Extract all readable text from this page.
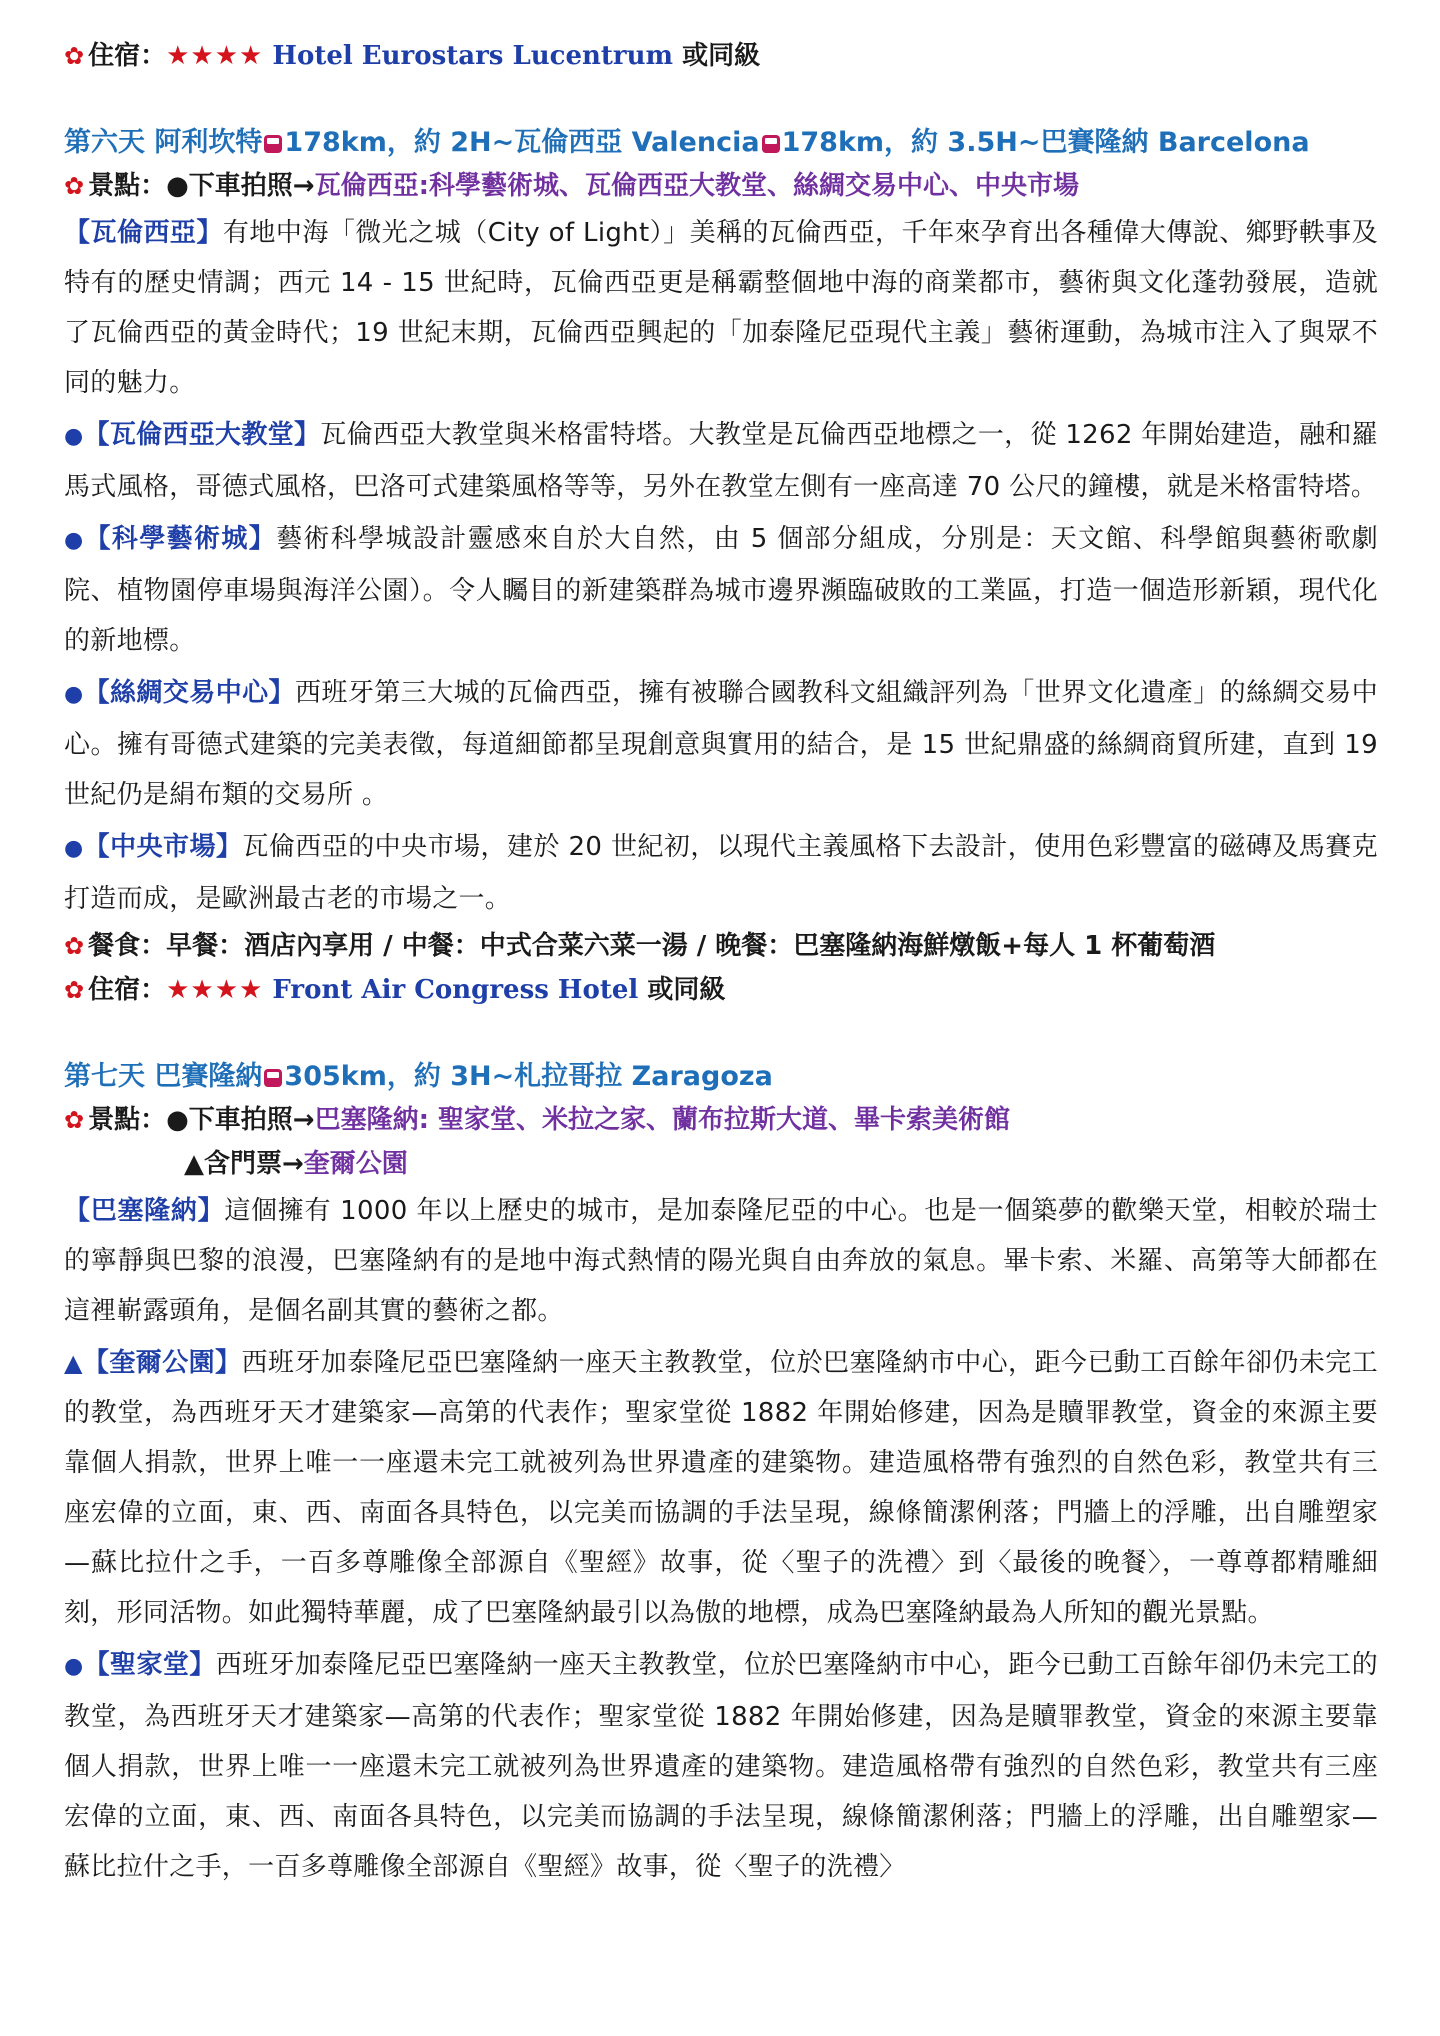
✿ 住宿：★★★★ Hotel Eurostars Lucentrum 或同級
第六天 阿利坎特 178km，約 2H~瓦倫西亞 Valencia 178km，約 3.5H~巴賽隆納 Barcelona
✿ 景點：●下車拍照→瓦倫西亞:科學藝術城、瓦倫西亞大教堂、絲綢交易中心、中央市場
【瓦倫西亞】有地中海「微光之城（City of Light）」美稱的瓦倫西亞，千年來孕育出各種偉大傳說、鄉野軼事及特有的歷史情調；西元 14 - 15 世紀時，瓦倫西亞更是稱霸整個地中海的商業都市，藝術與文化蓬勃發展，造就了瓦倫西亞的黃金時代；19 世紀末期，瓦倫西亞興起的「加泰隆尼亞現代主義」藝術運動，為城市注入了與眾不同的魅力。
●【瓦倫西亞大教堂】瓦倫西亞大教堂與米格雷特塔。大教堂是瓦倫西亞地標之一，從 1262 年開始建造，融和羅馬式風格，哥德式風格，巴洛可式建築風格等等，另外在教堂左側有一座高達 70 公尺的鐘樓，就是米格雷特塔。
●【科學藝術城】藝術科學城設計靈感來自於大自然，由 5 個部分組成，分別是：天文館、科學館與藝術歌劇院、植物園停車場與海洋公園）。令人矚目的新建築群為城市邊界瀕臨破敗的工業區，打造一個造形新穎，現代化的新地標。
●【絲綢交易中心】西班牙第三大城的瓦倫西亞，擁有被聯合國教科文組織評列為「世界文化遺產」的絲綢交易中心。擁有哥德式建築的完美表徵，每道細節都呈現創意與實用的結合，是 15 世紀鼎盛的絲綢商貿所建，直到 19 世紀仍是絹布類的交易所 。
●【中央市場】瓦倫西亞的中央市場，建於 20 世紀初，以現代主義風格下去設計，使用色彩豐富的磁磚及馬賽克打造而成，是歐洲最古老的市場之一。
✿ 餐食：早餐：酒店內享用 / 中餐：中式合菜六菜一湯 / 晚餐：巴塞隆納海鮮燉飯+每人 1 杯葡萄酒
✿ 住宿：★★★★ Front Air Congress Hotel 或同級
第七天 巴賽隆納 305km，約 3H~札拉哥拉 Zaragoza
✿ 景點：●下車拍照→巴塞隆納: 聖家堂、米拉之家、蘭布拉斯大道、畢卡索美術館
▲含門票→奎爾公園
【巴塞隆納】這個擁有 1000 年以上歷史的城市，是加泰隆尼亞的中心。也是一個築夢的歡樂天堂，相較於瑞士的寧靜與巴黎的浪漫，巴塞隆納有的是地中海式熱情的陽光與自由奔放的氣息。畢卡索、米羅、高第等大師都在這裡嶄露頭角，是個名副其實的藝術之都。
▲【奎爾公園】西班牙加泰隆尼亞巴塞隆納一座天主教教堂，位於巴塞隆納市中心，距今已動工百餘年卻仍未完工的教堂，為西班牙天才建築家—高第的代表作；聖家堂從 1882 年開始修建，因為是贖罪教堂，資金的來源主要靠個人捐款，世界上唯一一座還未完工就被列為世界遺產的建築物。建造風格帶有強烈的自然色彩，教堂共有三座宏偉的立面，東、西、南面各具特色，以完美而協調的手法呈現，線條簡潔俐落；門牆上的浮雕，出自雕塑家—蘇比拉什之手，一百多尊雕像全部源自《聖經》故事，從〈聖子的洗禮〉到〈最後的晚餐〉，一尊尊都精雕細刻，形同活物。如此獨特華麗，成了巴塞隆納最引以為傲的地標，成為巴塞隆納最為人所知的觀光景點。
●【聖家堂】西班牙加泰隆尼亞巴塞隆納一座天主教教堂，位於巴塞隆納市中心，距今已動工百餘年卻仍未完工的教堂，為西班牙天才建築家—高第的代表作；聖家堂從 1882 年開始修建，因為是贖罪教堂，資金的來源主要靠個人捐款，世界上唯一一座還未完工就被列為世界遺產的建築物。建造風格帶有強烈的自然色彩，教堂共有三座宏偉的立面，東、西、南面各具特色，以完美而協調的手法呈現，線條簡潔俐落；門牆上的浮雕，出自雕塑家—蘇比拉什之手，一百多尊雕像全部源自《聖經》故事，從〈聖子的洗禮〉
